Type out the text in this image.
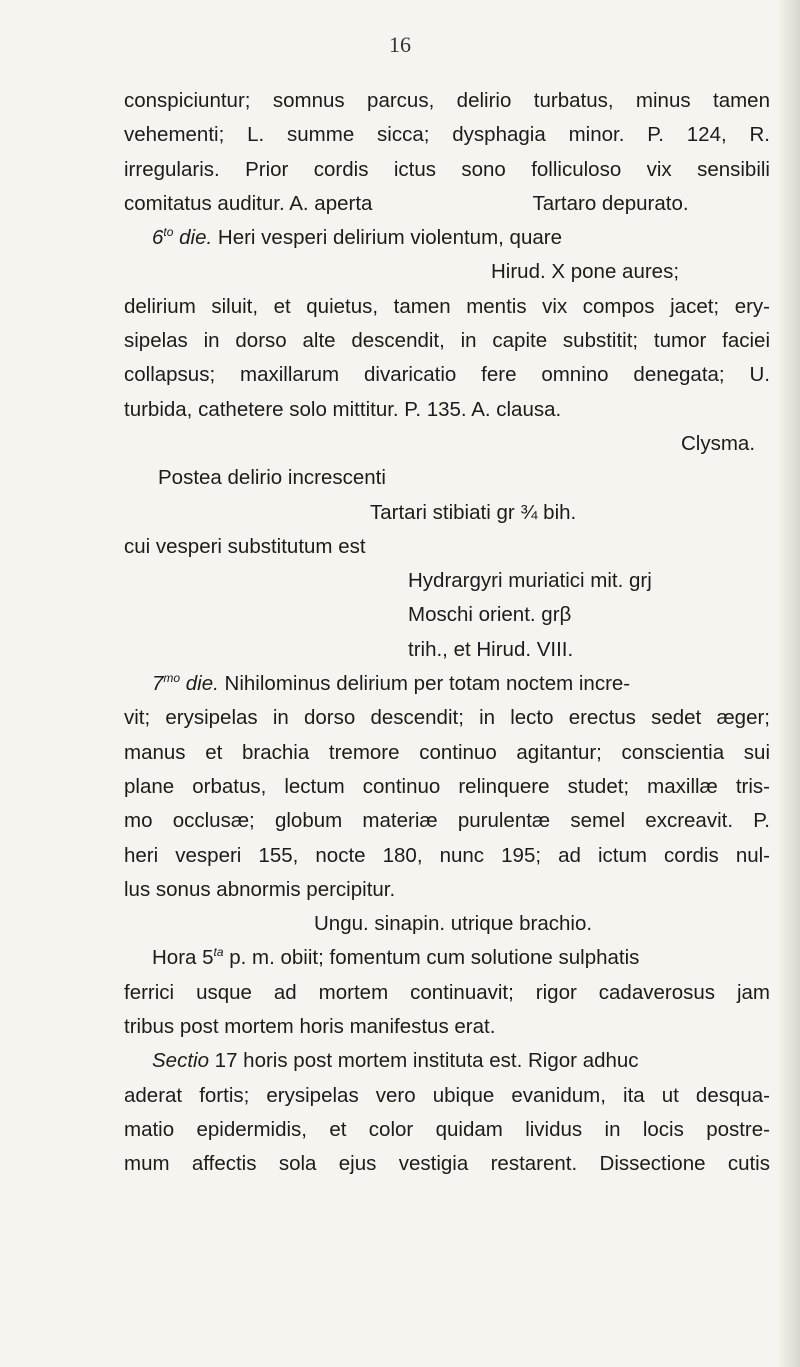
16
conspiciuntur; somnus parcus, delirio turbatus, minus tamen
vehementi; L. summe sicca; dysphagia minor. P. 124, R.
irregularis. Prior cordis ictus sono folliculoso vix sensibili
comitatus auditur. A. aperta	Tartaro depurato.
$6^{to}$ die. Heri vesperi delirium violentum, quare
Hirud. X pone aures;
delirium siluit, et quietus, tamen mentis vix compos jacet; ery-
sipelas in dorso alte descendit, in capite substitit; tumor faciei
collapsus; maxillarum divaricatio fere omnino denegata; U.
turbida, cathetere solo mittitur. P. 135. A. clausa.
Clysma.
Postea delirio increscenti
Tartari stibiati gr ¾ bih.
cui vesperi substitutum est
Hydrargyri muriatici mit. grj
Moschi orient. grβ
trih., et Hirud. VIII.
$7^{mo}$ die. Nihilominus delirium per totam noctem incre-
vit; erysipelas in dorso descendit; in lecto erectus sedet æger;
manus et brachia tremore continuo agitantur; conscientia sui
plane orbatus, lectum continuo relinquere studet; maxillæ tris-
mo occlusæ; globum materiæ purulentæ semel excreavit. P.
heri vesperi 155, nocte 180, nunc 195; ad ictum cordis nul-
lus sonus abnormis percipitur.
Ungu. sinapin. utrique brachio.
Hora $5^{ta}$ p. m. obiit; fomentum cum solutione sulphatis
ferrici usque ad mortem continuavit; rigor cadaverosus jam
tribus post mortem horis manifestus erat.
Sectio 17 horis post mortem instituta est. Rigor adhuc
aderat fortis; erysipelas vero ubique evanidum, ita ut desqua-
matio epidermidis, et color quidam lividus in locis postre-
mum affectis sola ejus vestigia restarent. Dissectione cutis
